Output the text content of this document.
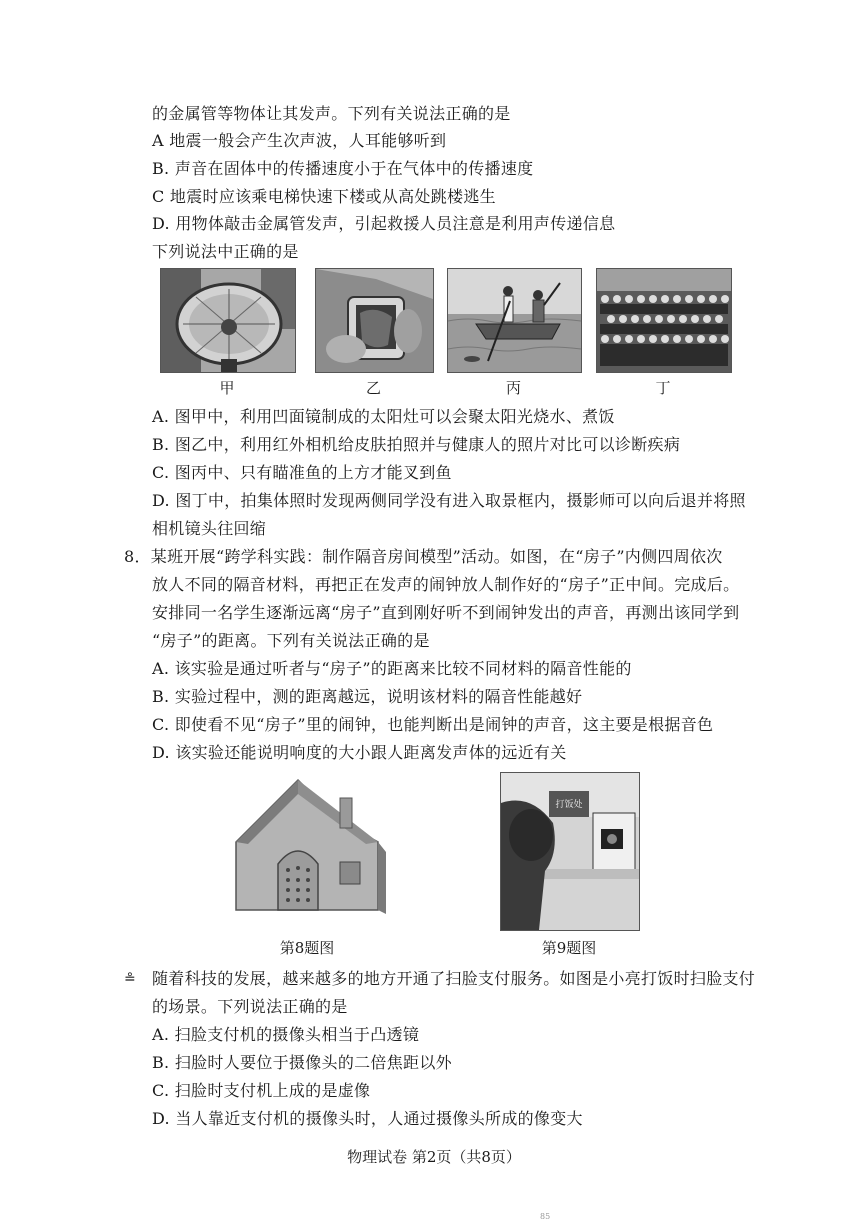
的金属管等物体让其发声。下列有关说法正确的是
A 地震一般会产生次声波，人耳能够听到
B. 声音在固体中的传播速度小于在气体中的传播速度
C 地震时应该乘电梯快速下楼或从高处跳楼逃生
D. 用物体敲击金属管发声，引起救援人员注意是利用声传递信息
下列说法中正确的是
甲	乙	丙	丁
A. 图甲中，利用凹面镜制成的太阳灶可以会聚太阳光烧水、煮饭
B. 图乙中，利用红外相机给皮肤拍照并与健康人的照片对比可以诊断疾病
C. 图丙中、只有瞄准鱼的上方才能叉到鱼
D. 图丁中，拍集体照时发现两侧同学没有进入取景框内，摄影师可以向后退并将照
相机镜头往回缩
8．某班开展“跨学科实践：制作隔音房间模型”活动。如图，在“房子”内侧四周依次
放人不同的隔音材料，再把正在发声的闹钟放人制作好的“房子”正中间。完成后。
安排同一名学生逐渐远离“房子”直到刚好听不到闹钟发出的声音，再测出该同学到
“房子”的距离。下列有关说法正确的是
A. 该实验是通过听者与“房子”的距离来比较不同材料的隔音性能的
B. 实验过程中，测的距离越远，说明该材料的隔音性能越好
C. 即使看不见“房子”里的闹钟，也能判断出是闹钟的声音，这主要是根据音色
D. 该实验还能说明响度的大小跟人距离发声体的远近有关
第8题图
打饭处
第9题图
≗ 随着科技的发展，越来越多的地方开通了扫脸支付服务。如图是小亮打饭时扫脸支付
的场景。下列说法正确的是
A. 扫脸支付机的摄像头相当于凸透镜
B. 扫脸时人要位于摄像头的二倍焦距以外
C. 扫脸时支付机上成的是虚像
D. 当人靠近支付机的摄像头时，人通过摄像头所成的像变大
物理试卷 第2页（共8页）
85
